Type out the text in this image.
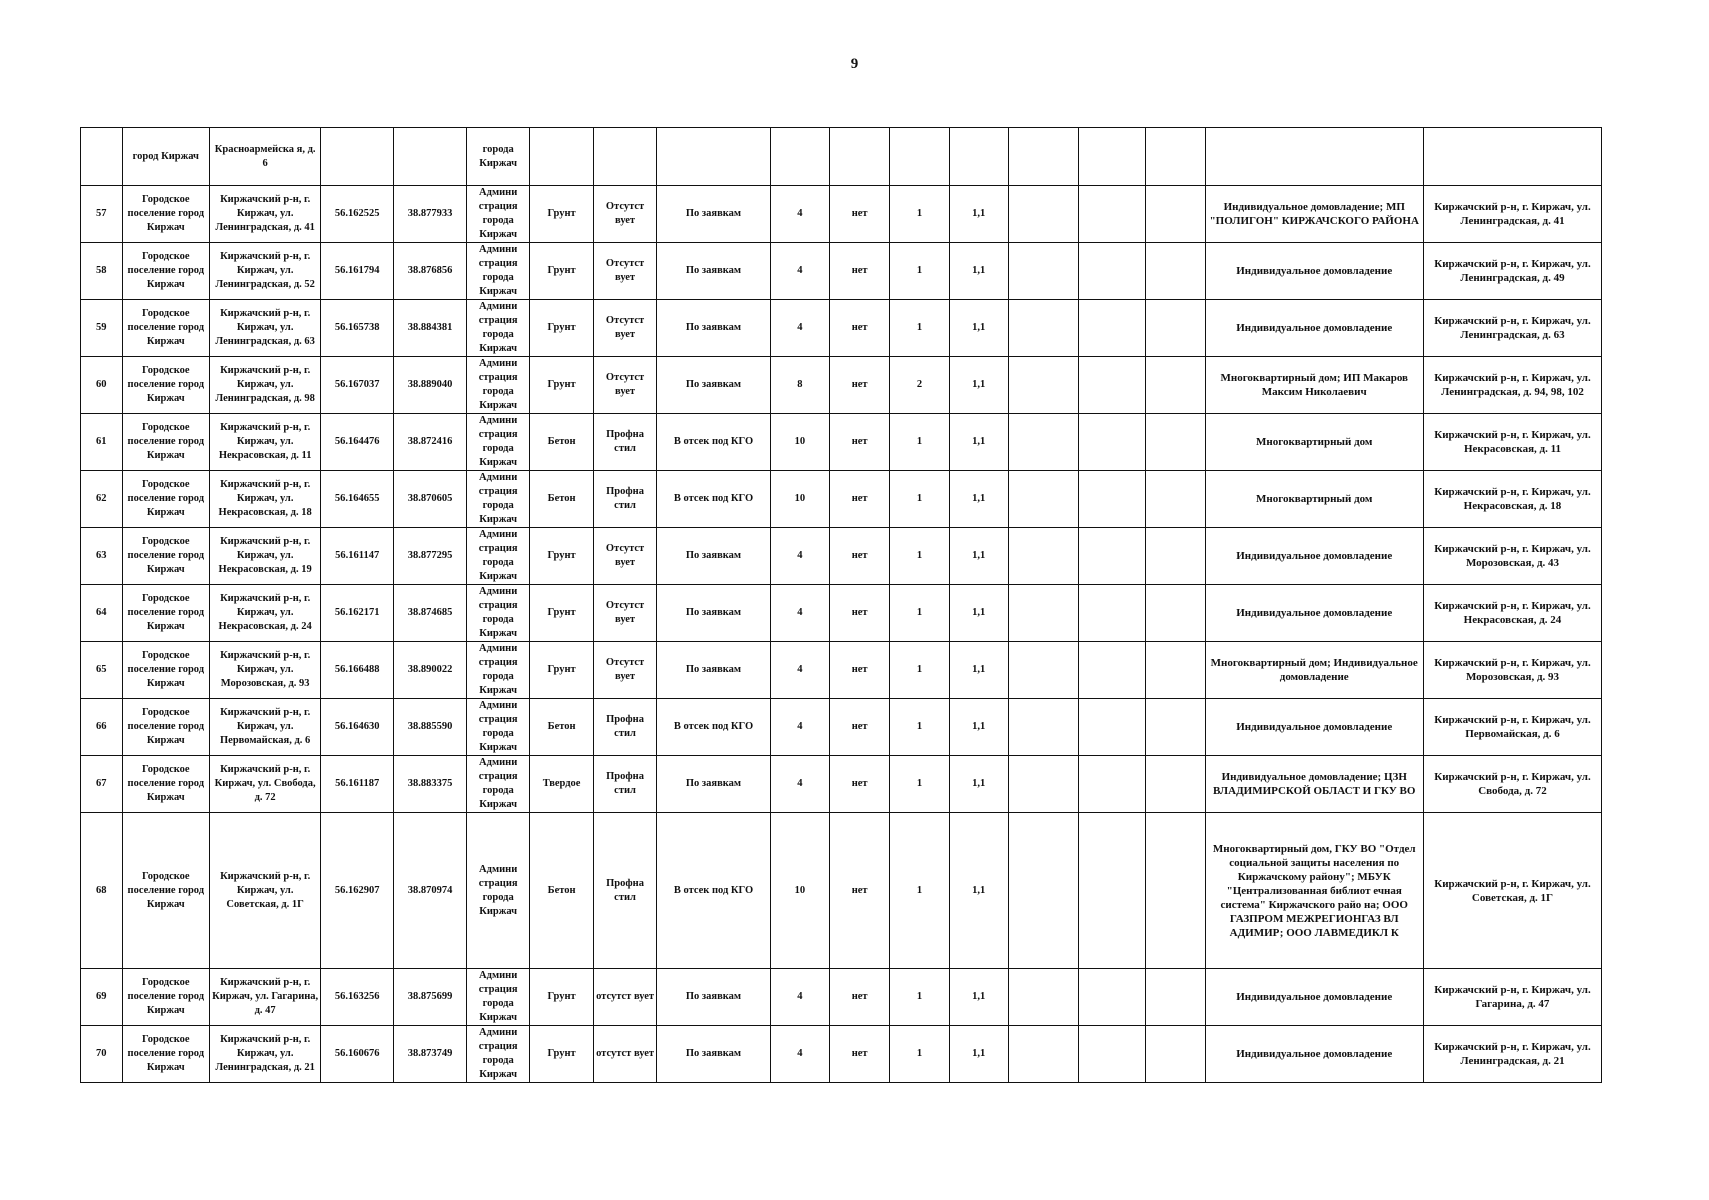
9
	город Киржач	Красноармейска я, д. 6			города Киржач												
57	Городское поселение город Киржач	Киржачский р-н, г. Киржач, ул. Ленинградская, д. 41	56.162525	38.877933	Админи страция города Киржач	Грунт	Отсутст вует	По заявкам	4	нет	1	1,1				Индивидуальное домовладение; МП "ПОЛИГОН" КИРЖАЧСКОГО РАЙОНА	Киржачский р-н, г. Киржач, ул. Ленинградская, д. 41
58	Городское поселение город Киржач	Киржачский р-н, г. Киржач, ул. Ленинградская, д. 52	56.161794	38.876856	Админи страция города Киржач	Грунт	Отсутст вует	По заявкам	4	нет	1	1,1				Индивидуальное домовладение	Киржачский р-н, г. Киржач, ул. Ленинградская, д. 49
59	Городское поселение город Киржач	Киржачский р-н, г. Киржач, ул. Ленинградская, д. 63	56.165738	38.884381	Админи страция города Киржач	Грунт	Отсутст вует	По заявкам	4	нет	1	1,1				Индивидуальное домовладение	Киржачский р-н, г. Киржач, ул. Ленинградская, д. 63
60	Городское поселение город Киржач	Киржачский р-н, г. Киржач, ул. Ленинградская, д. 98	56.167037	38.889040	Админи страция города Киржач	Грунт	Отсутст вует	По заявкам	8	нет	2	1,1				Многоквартирный дом; ИП Макаров Максим Николаевич	Киржачский р-н, г. Киржач, ул. Ленинградская, д. 94, 98, 102
61	Городское поселение город Киржач	Киржачский р-н, г. Киржач, ул. Некрасовская, д. 11	56.164476	38.872416	Админи страция города Киржач	Бетон	Профна стил	В отсек под КГО	10	нет	1	1,1				Многоквартирный дом	Киржачский р-н, г. Киржач, ул. Некрасовская, д. 11
62	Городское поселение город Киржач	Киржачский р-н, г. Киржач, ул. Некрасовская, д. 18	56.164655	38.870605	Админи страция города Киржач	Бетон	Профна стил	В отсек под КГО	10	нет	1	1,1				Многоквартирный дом	Киржачский р-н, г. Киржач, ул. Некрасовская, д. 18
63	Городское поселение город Киржач	Киржачский р-н, г. Киржач, ул. Некрасовская, д. 19	56.161147	38.877295	Админи страция города Киржач	Грунт	Отсутст вует	По заявкам	4	нет	1	1,1				Индивидуальное домовладение	Киржачский р-н, г. Киржач, ул. Морозовская, д. 43
64	Городское поселение город Киржач	Киржачский р-н, г. Киржач, ул. Некрасовская, д. 24	56.162171	38.874685	Админи страция города Киржач	Грунт	Отсутст вует	По заявкам	4	нет	1	1,1				Индивидуальное домовладение	Киржачский р-н, г. Киржач, ул. Некрасовская, д. 24
65	Городское поселение город Киржач	Киржачский р-н, г. Киржач, ул. Морозовская, д. 93	56.166488	38.890022	Админи страция города Киржач	Грунт	Отсутст вует	По заявкам	4	нет	1	1,1				Многоквартирный дом; Индивидуальное домовладение	Киржачский р-н, г. Киржач, ул. Морозовская, д. 93
66	Городское поселение город Киржач	Киржачский р-н, г. Киржач, ул. Первомайская, д. 6	56.164630	38.885590	Админи страция города Киржач	Бетон	Профна стил	В отсек под КГО	4	нет	1	1,1				Индивидуальное домовладение	Киржачский р-н, г. Киржач, ул. Первомайская, д. 6
67	Городское поселение город Киржач	Киржачский р-н, г. Киржач, ул. Свобода, д. 72	56.161187	38.883375	Админи страция города Киржач	Твердое	Профна стил	По заявкам	4	нет	1	1,1				Индивидуальное домовладение; ЦЗН ВЛАДИМИРСКОЙ ОБЛАСТ И ГКУ ВО	Киржачский р-н, г. Киржач, ул. Свобода, д. 72
68	Городское поселение город Киржач	Киржачский р-н, г. Киржач, ул. Советская, д. 1Г	56.162907	38.870974	Админи страция города Киржач	Бетон	Профна стил	В отсек под КГО	10	нет	1	1,1				Многоквартирный дом, ГКУ ВО "Отдел социальной защиты населения по Киржачскому району"; МБУК "Централизованная библиот ечная система" Киржачского райо на; ООО ГАЗПРОМ МЕЖРЕГИОНГАЗ ВЛ АДИМИР; ООО ЛАВМЕДИКЛ К	Киржачский р-н, г. Киржач, ул. Советская, д. 1Г
69	Городское поселение город Киржач	Киржачский р-н, г. Киржач, ул. Гагарина, д. 47	56.163256	38.875699	Админи страция города Киржач	Грунт	отсутст вует	По заявкам	4	нет	1	1,1				Индивидуальное домовладение	Киржачский р-н, г. Киржач, ул. Гагарина, д. 47
70	Городское поселение город Киржач	Киржачский р-н, г. Киржач, ул. Ленинградская, д. 21	56.160676	38.873749	Админи страция города Киржач	Грунт	отсутст вует	По заявкам	4	нет	1	1,1				Индивидуальное домовладение	Киржачский р-н, г. Киржач, ул. Ленинградская, д. 21
